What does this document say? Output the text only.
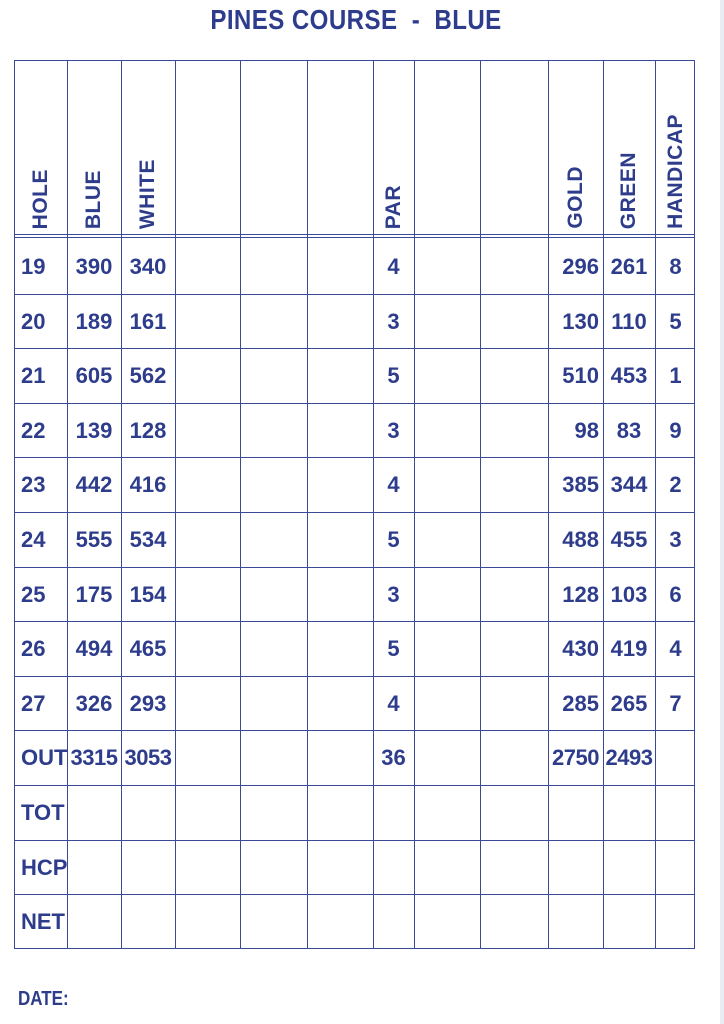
PINES COURSE  -  BLUE
HOLE BLUE WHITE	PAR	GOLD GREEN HANDICAP
19	390 340	4	296 261	8
20	189 161	3	130 110	5
21	605 562	5	510 453	1
22	139 128	3	98 83	9
23	442 416	4	385 344	2
24	555 534	5	488 455	3
25	175 154	3	128 103	6
26	494 465	5	430 419	4
27	326 293	4	285 265	7
OUT 3315 3053	36	2750 2493
TOT
HCP
NET
DATE:
